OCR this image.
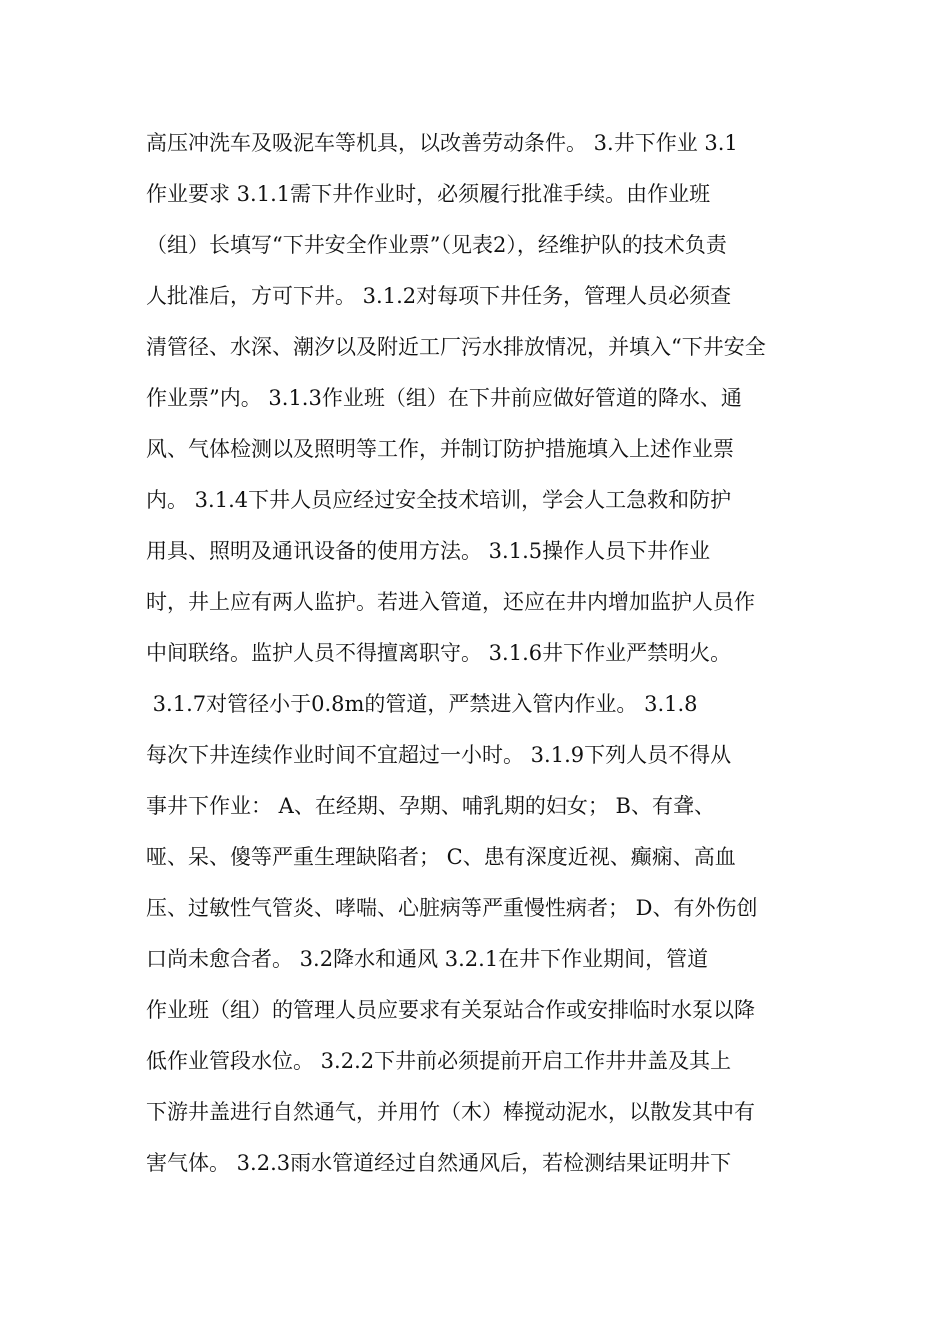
高压冲洗车及吸泥车等机具，以改善劳动条件。 3.井下作业 3.1
作业要求 3.1.1需下井作业时，必须履行批准手续。由作业班
（组）长填写“下井安全作业票”（见表2），经维护队的技术负责
人批准后，方可下井。 3.1.2对每项下井任务，管理人员必须查
清管径、水深、潮汐以及附近工厂污水排放情况，并填入“下井安全
作业票”内。 3.1.3作业班（组）在下井前应做好管道的降水、通
风、气体检测以及照明等工作，并制订防护措施填入上述作业票
内。 3.1.4下井人员应经过安全技术培训，学会人工急救和防护
用具、照明及通讯设备的使用方法。 3.1.5操作人员下井作业
时，井上应有两人监护。若进入管道，还应在井内增加监护人员作
中间联络。监护人员不得擅离职守。 3.1.6井下作业严禁明火。
3.1.7对管径小于0.8m的管道，严禁进入管内作业。 3.1.8
每次下井连续作业时间不宜超过一小时。 3.1.9下列人员不得从
事井下作业： A、在经期、孕期、哺乳期的妇女； B、有聋、
哑、呆、傻等严重生理缺陷者； C、患有深度近视、癫痫、高血
压、过敏性气管炎、哮喘、心脏病等严重慢性病者； D、有外伤创
口尚未愈合者。 3.2降水和通风 3.2.1在井下作业期间，管道
作业班（组）的管理人员应要求有关泵站合作或安排临时水泵以降
低作业管段水位。 3.2.2下井前必须提前开启工作井井盖及其上
下游井盖进行自然通气，并用竹（木）棒搅动泥水，以散发其中有
害气体。 3.2.3雨水管道经过自然通风后，若检测结果证明井下
